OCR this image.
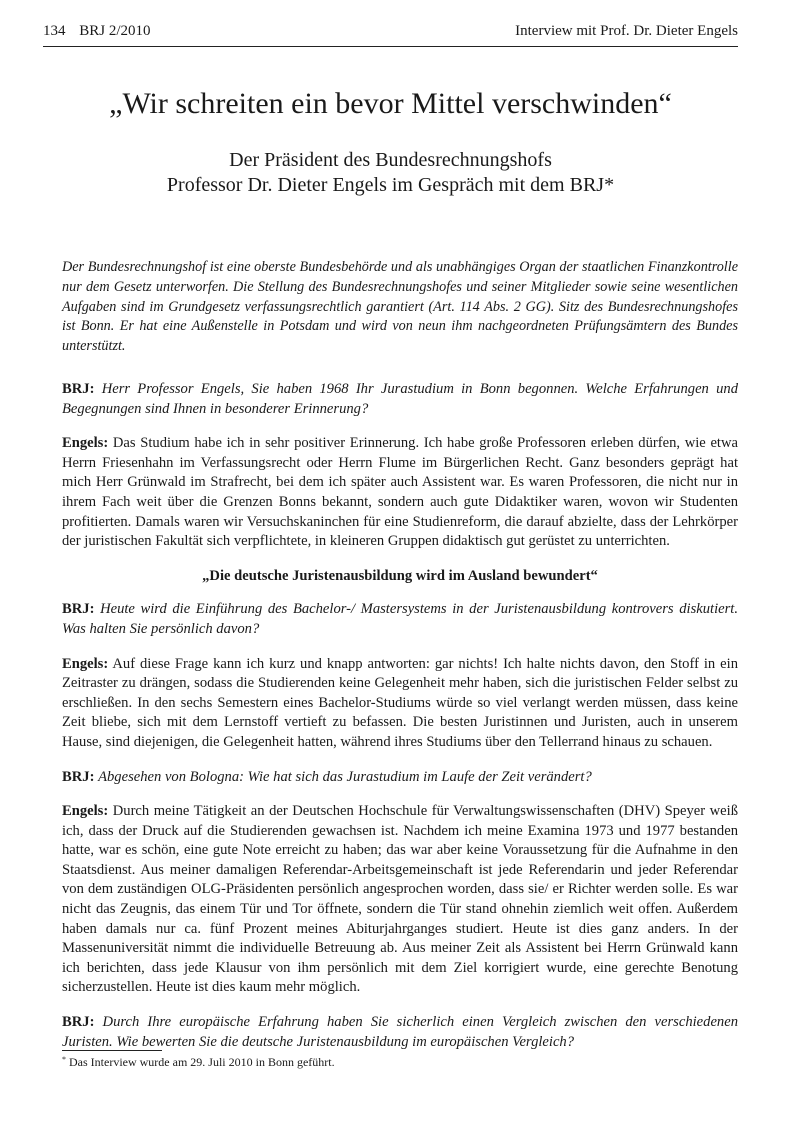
134 BRJ 2/2010	Interview mit Prof. Dr. Dieter Engels
„Wir schreiten ein bevor Mittel verschwinden“
Der Präsident des Bundesrechnungshofs
Professor Dr. Dieter Engels im Gespräch mit dem BRJ*
Der Bundesrechnungshof ist eine oberste Bundesbehörde und als unabhängiges Organ der staatlichen Finanzkontrolle nur dem Gesetz unterworfen. Die Stellung des Bundesrechnungshofes und seiner Mitglieder sowie seine wesentlichen Aufgaben sind im Grundgesetz verfassungsrechtlich garantiert (Art. 114 Abs. 2 GG). Sitz des Bundesrechnungshofes ist Bonn. Er hat eine Außenstelle in Potsdam und wird von neun ihm nachgeordneten Prüfungsämtern des Bundes unterstützt.

BRJ: Herr Professor Engels, Sie haben 1968 Ihr Jurastudium in Bonn begonnen. Welche Erfahrungen und Begegnungen sind Ihnen in besonderer Erinnerung?

Engels: Das Studium habe ich in sehr positiver Erinnerung. Ich habe große Professoren erleben dürfen, wie etwa Herrn Friesenhahn im Verfassungsrecht oder Herrn Flume im Bürgerlichen Recht. Ganz besonders geprägt hat mich Herr Grünwald im Strafrecht, bei dem ich später auch Assistent war. Es waren Professoren, die nicht nur in ihrem Fach weit über die Grenzen Bonns bekannt, sondern auch gute Didaktiker waren, wovon wir Studenten profitierten. Damals waren wir Versuchskaninchen für eine Studienreform, die darauf abzielte, dass der Lehrkörper der juristischen Fakultät sich verpflichtete, in kleineren Gruppen didaktisch gut gerüstet zu unterrichten.

„Die deutsche Juristenausbildung wird im Ausland bewundert“

BRJ: Heute wird die Einführung des Bachelor-/ Mastersystems in der Juristenausbildung kontrovers diskutiert. Was halten Sie persönlich davon?

Engels: Auf diese Frage kann ich kurz und knapp antworten: gar nichts! Ich halte nichts davon, den Stoff in ein Zeitraster zu drängen, sodass die Studierenden keine Gelegenheit mehr haben, sich die juristischen Felder selbst zu erschließen. In den sechs Semestern eines Bachelor-Studiums würde so viel verlangt werden müssen, dass keine Zeit bliebe, sich mit dem Lernstoff vertieft zu befassen. Die besten Juristinnen und Juristen, auch in unserem Hause, sind diejenigen, die Gelegenheit hatten, während ihres Studiums über den Tellerrand hinaus zu schauen.

BRJ: Abgesehen von Bologna: Wie hat sich das Jurastudium im Laufe der Zeit verändert?

Engels: Durch meine Tätigkeit an der Deutschen Hochschule für Verwaltungswissenschaften (DHV) Speyer weiß ich, dass der Druck auf die Studierenden gewachsen ist. Nachdem ich meine Examina 1973 und 1977 bestanden hatte, war es schön, eine gute Note erreicht zu haben; das war aber keine Voraussetzung für die Aufnahme in den Staatsdienst. Aus meiner damaligen Referendar-Arbeitsgemeinschaft ist jede Referendarin und jeder Referendar von dem zuständigen OLG-Präsidenten persönlich angesprochen worden, dass sie/ er Richter werden solle. Es war nicht das Zeugnis, das einem Tür und Tor öffnete, sondern die Tür stand ohnehin ziemlich weit offen. Außerdem haben damals nur ca. fünf Prozent meines Abiturjahrganges studiert. Heute ist dies ganz anders. In der Massenuniversität nimmt die individuelle Betreuung ab. Aus meiner Zeit als Assistent bei Herrn Grünwald kann ich berichten, dass jede Klausur von ihm persönlich mit dem Ziel korrigiert wurde, eine gerechte Benotung sicherzustellen. Heute ist dies kaum mehr möglich.

BRJ: Durch Ihre europäische Erfahrung haben Sie sicherlich einen Vergleich zwischen den verschiedenen Juristen. Wie bewerten Sie die deutsche Juristenausbildung im europäischen Vergleich?

* Das Interview wurde am 29. Juli 2010 in Bonn geführt.
